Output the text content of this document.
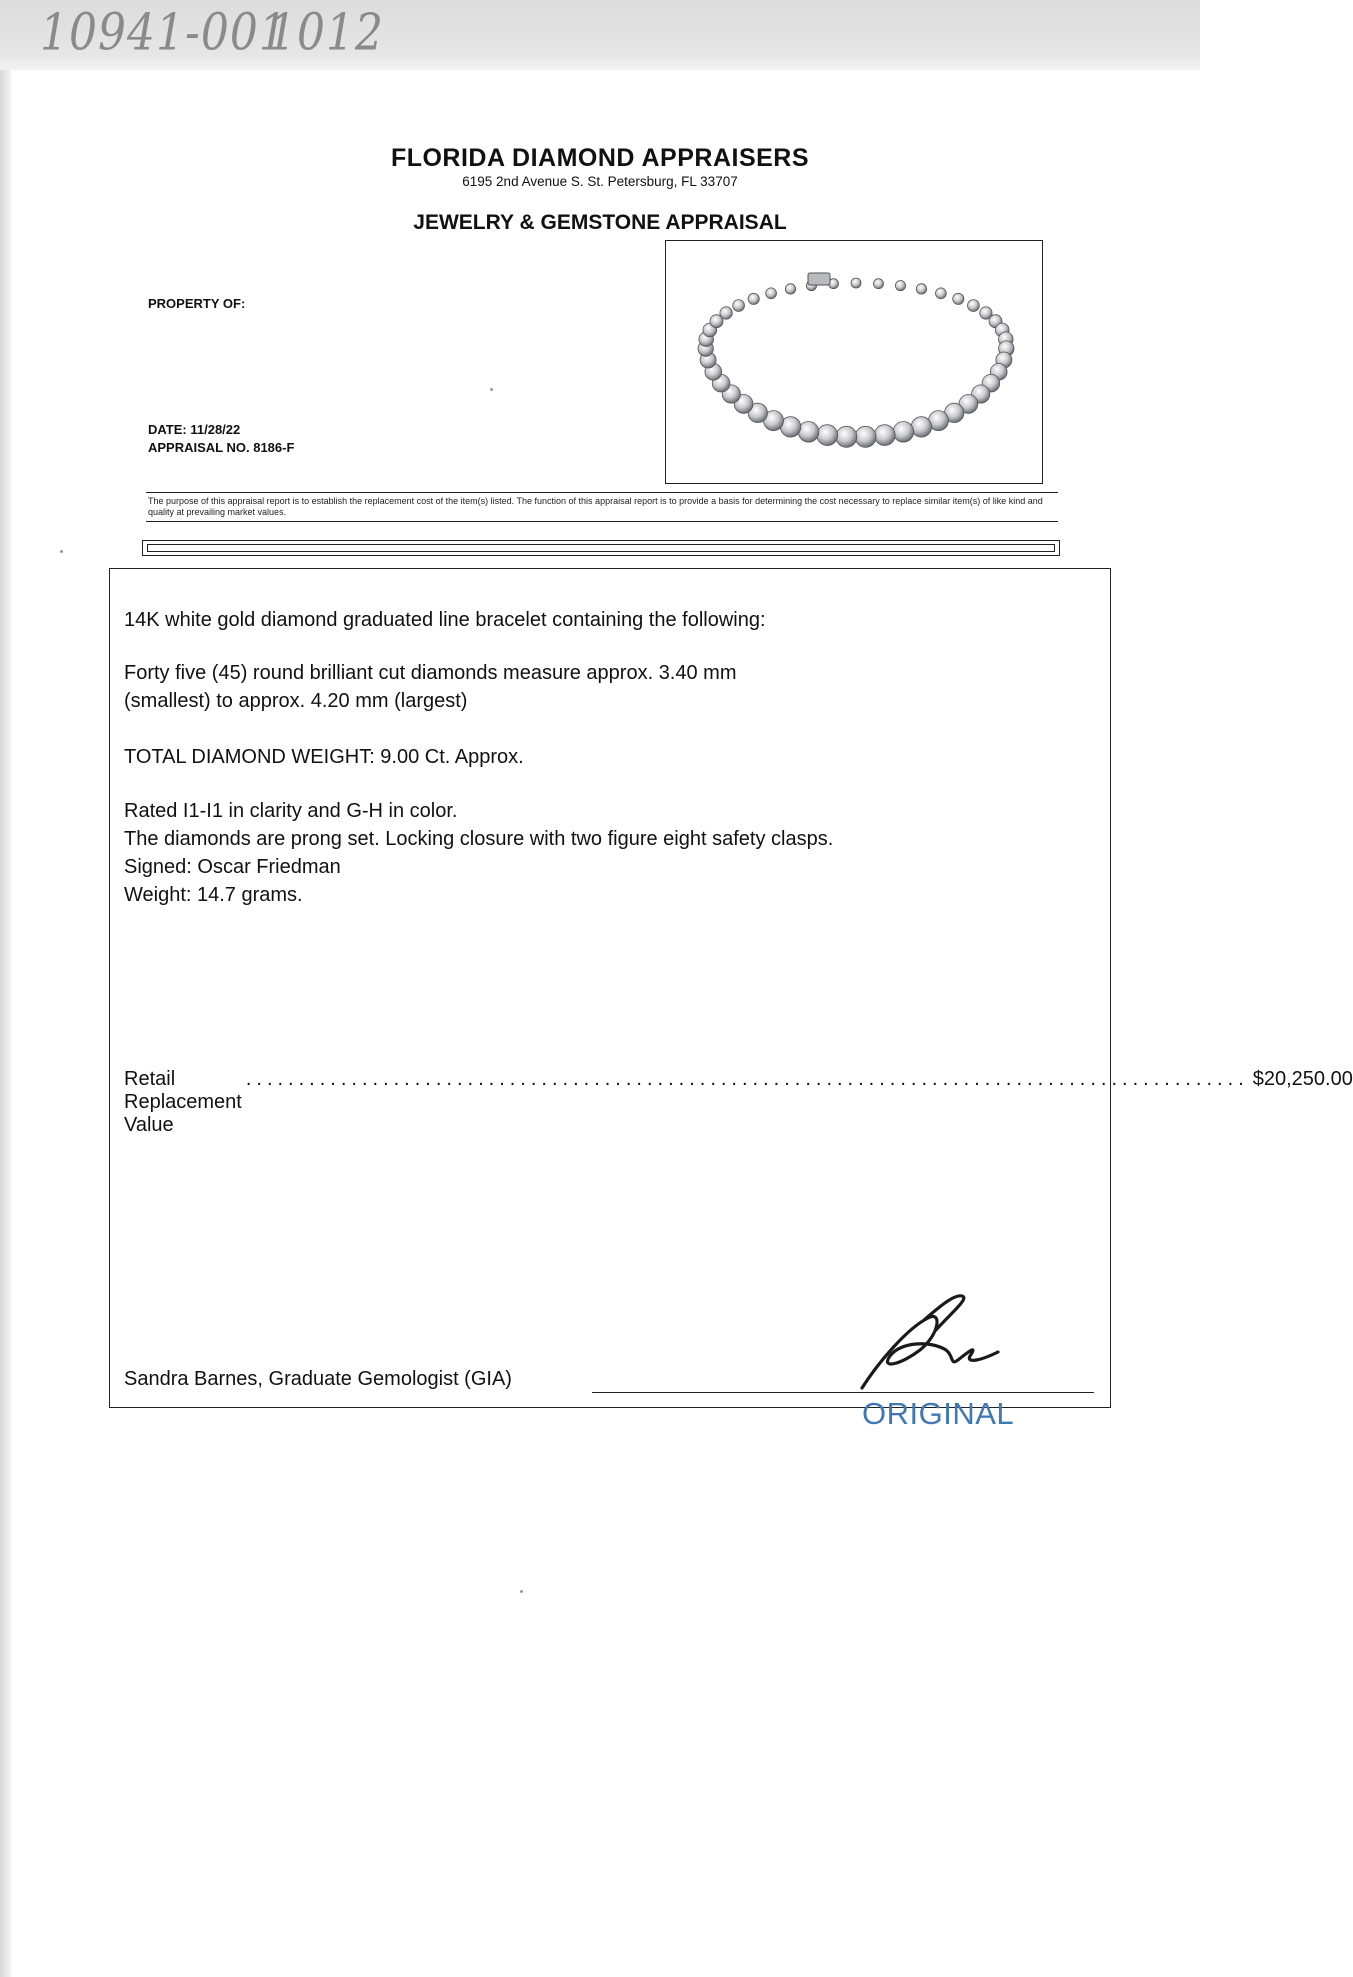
10941-001
1012
FLORIDA DIAMOND APPRAISERS
6195 2nd Avenue S. St. Petersburg, FL 33707
JEWELRY & GEMSTONE APPRAISAL
PROPERTY OF:
DATE: 11/28/22
APPRAISAL NO. 8186-F
The purpose of this appraisal report is to establish the replacement cost of the item(s) listed. The function of this appraisal report is to provide a basis for determining the cost necessary to replace similar item(s) of like kind and quality at prevailing market values.
14K white gold diamond graduated line bracelet containing the following:
Forty five (45) round brilliant cut diamonds measure approx. 3.40 mm
(smallest) to approx. 4.20 mm (largest)
TOTAL DIAMOND WEIGHT: 9.00 Ct. Approx.
Rated I1-I1 in clarity and G-H in color.
The diamonds are prong set. Locking closure with two figure eight safety clasps.
Signed: Oscar Friedman
Weight: 14.7 grams.
Retail Replacement Value
............................................................................................... $20,250.00
Sandra Barnes, Graduate Gemologist (GIA)
ORIGINAL
